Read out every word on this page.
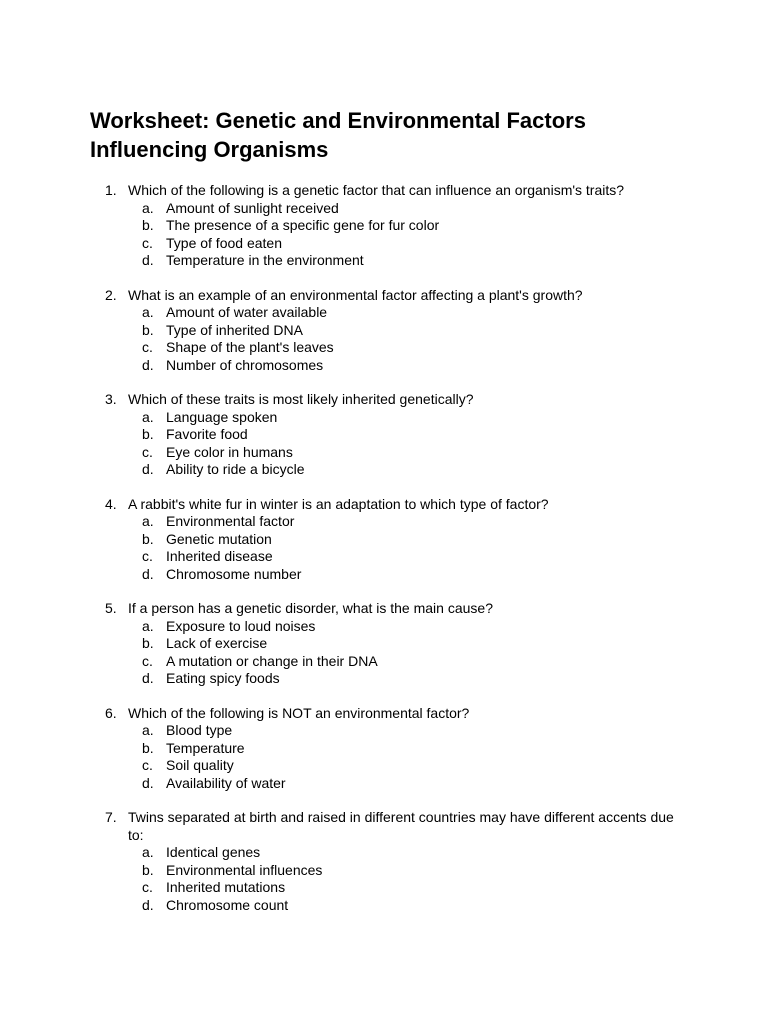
Worksheet: Genetic and Environmental Factors Influencing Organisms
1. Which of the following is a genetic factor that can influence an organism's traits?
a. Amount of sunlight received
b. The presence of a specific gene for fur color
c. Type of food eaten
d. Temperature in the environment
2. What is an example of an environmental factor affecting a plant's growth?
a. Amount of water available
b. Type of inherited DNA
c. Shape of the plant's leaves
d. Number of chromosomes
3. Which of these traits is most likely inherited genetically?
a. Language spoken
b. Favorite food
c. Eye color in humans
d. Ability to ride a bicycle
4. A rabbit's white fur in winter is an adaptation to which type of factor?
a. Environmental factor
b. Genetic mutation
c. Inherited disease
d. Chromosome number
5. If a person has a genetic disorder, what is the main cause?
a. Exposure to loud noises
b. Lack of exercise
c. A mutation or change in their DNA
d. Eating spicy foods
6. Which of the following is NOT an environmental factor?
a. Blood type
b. Temperature
c. Soil quality
d. Availability of water
7. Twins separated at birth and raised in different countries may have different accents due to:
a. Identical genes
b. Environmental influences
c. Inherited mutations
d. Chromosome count
